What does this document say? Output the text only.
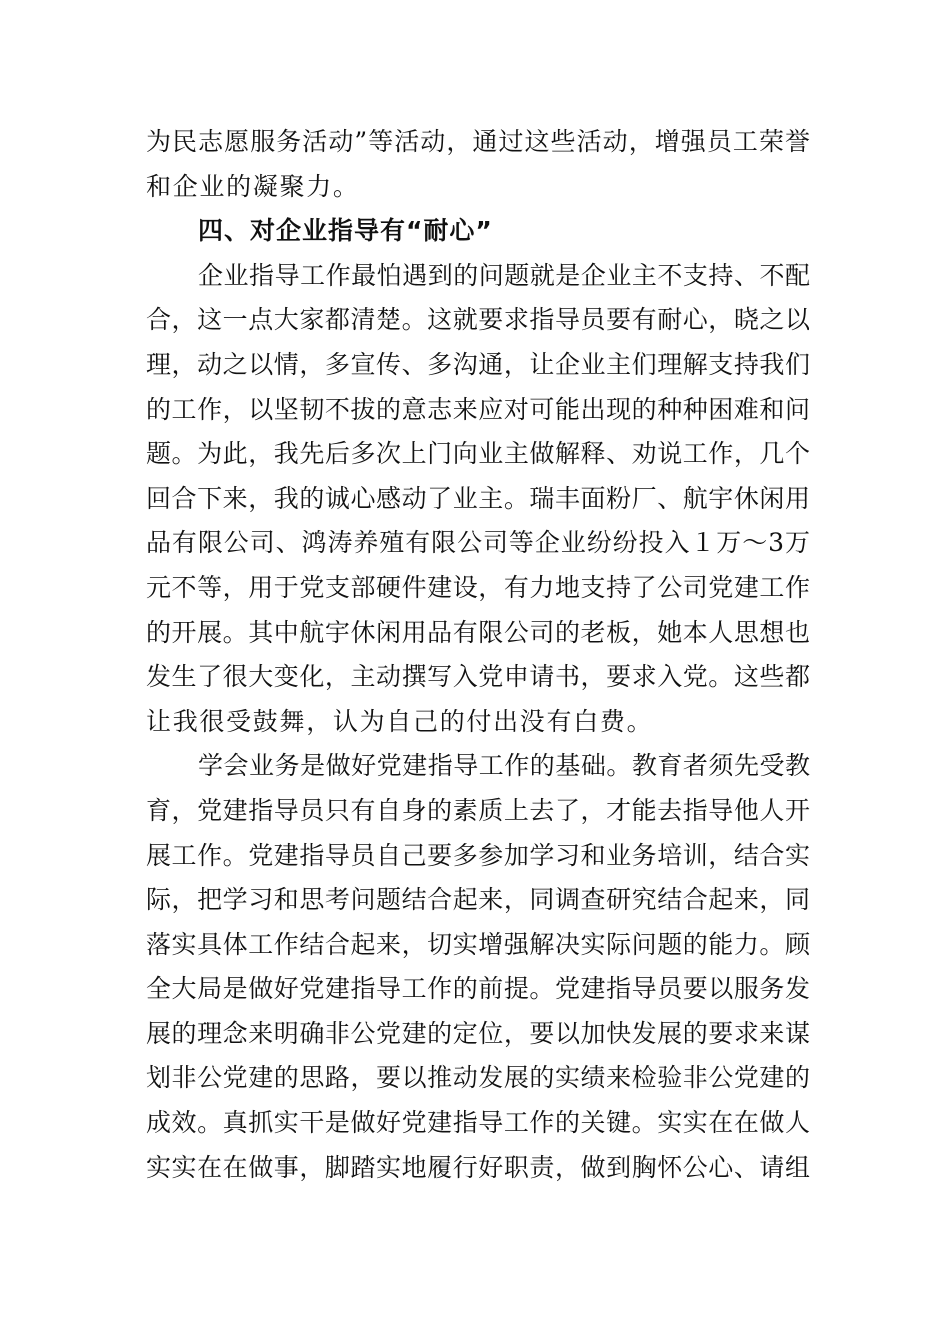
为民志愿服务活动”等活动，通过这些活动，增强员工荣誉
和企业的凝聚力。
四、对企业指导有“耐心”
企业指导工作最怕遇到的问题就是企业主不支持、不配
合，这一点大家都清楚。这就要求指导员要有耐心，晓之以
理，动之以情，多宣传、多沟通，让企业主们理解支持我们
的工作，以坚韧不拔的意志来应对可能出现的种种困难和问
题。为此，我先后多次上门向业主做解释、劝说工作，几个
回合下来，我的诚心感动了业主。瑞丰面粉厂、航宇休闲用
品有限公司、鸿涛养殖有限公司等企业纷纷投入１万～3万
元不等，用于党支部硬件建设，有力地支持了公司党建工作
的开展。其中航宇休闲用品有限公司的老板，她本人思想也
发生了很大变化，主动撰写入党申请书，要求入党。这些都
让我很受鼓舞，认为自己的付出没有白费。
学会业务是做好党建指导工作的基础。教育者须先受教
育，党建指导员只有自身的素质上去了，才能去指导他人开
展工作。党建指导员自己要多参加学习和业务培训，结合实
际，把学习和思考问题结合起来，同调查研究结合起来，同
落实具体工作结合起来，切实增强解决实际问题的能力。顾
全大局是做好党建指导工作的前提。党建指导员要以服务发
展的理念来明确非公党建的定位，要以加快发展的要求来谋
划非公党建的思路，要以推动发展的实绩来检验非公党建的
成效。真抓实干是做好党建指导工作的关键。实实在在做人
实实在在做事，脚踏实地履行好职责，做到胸怀公心、请组
